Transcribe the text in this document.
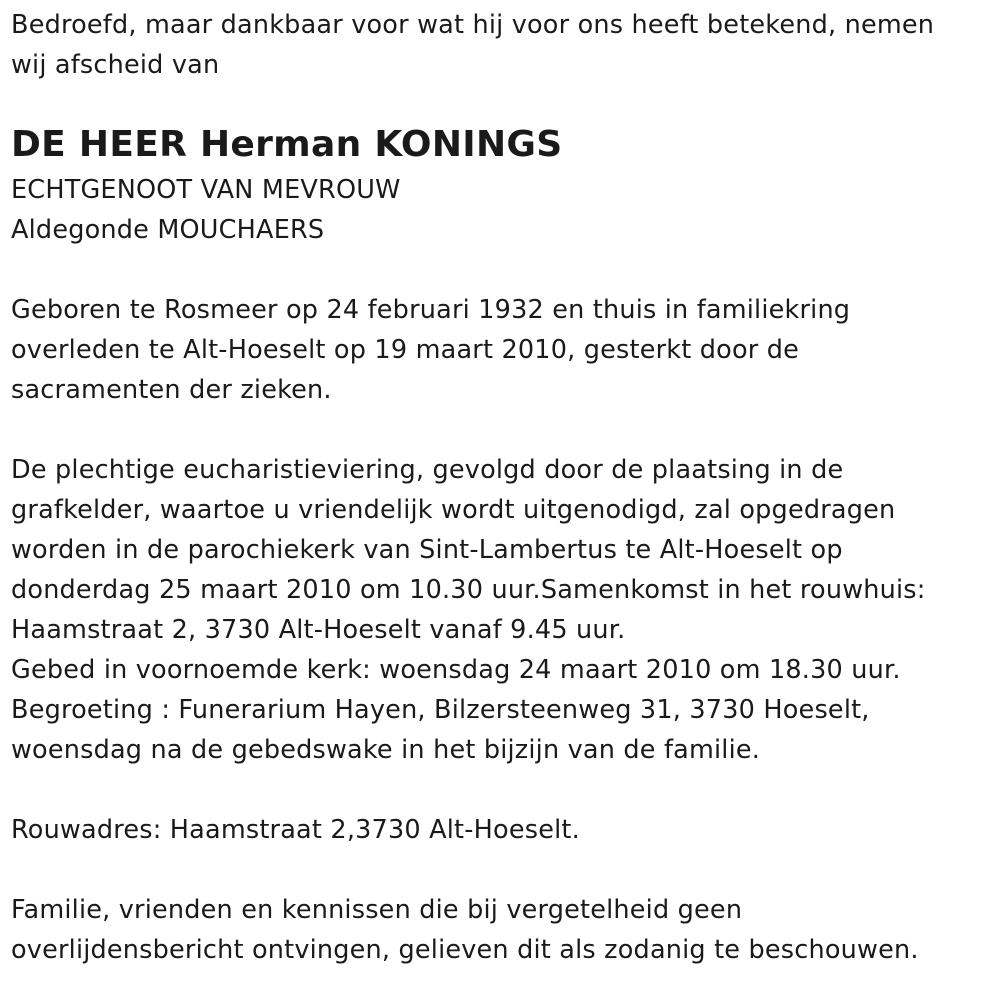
Bedroefd, maar dankbaar voor wat hij voor ons heeft betekend, nemen
wij afscheid van
DE HEER Herman KONINGS
ECHTGENOOT VAN MEVROUW
Aldegonde MOUCHAERS
Geboren te Rosmeer op 24 februari 1932 en thuis in familiekring
overleden te Alt-Hoeselt op 19 maart 2010, gesterkt door de
sacramenten der zieken.
De plechtige eucharistieviering, gevolgd door de plaatsing in de
grafkelder, waartoe u vriendelijk wordt uitgenodigd, zal opgedragen
worden in de parochiekerk van Sint-Lambertus te Alt-Hoeselt op
donderdag 25 maart 2010 om 10.30 uur.Samenkomst in het rouwhuis:
Haamstraat 2, 3730 Alt-Hoeselt vanaf 9.45 uur.
Gebed in voornoemde kerk: woensdag 24 maart 2010 om 18.30 uur.
Begroeting : Funerarium Hayen, Bilzersteenweg 31, 3730 Hoeselt,
woensdag na de gebedswake in het bijzijn van de familie.
Rouwadres: Haamstraat 2,3730 Alt-Hoeselt.
Familie, vrienden en kennissen die bij vergetelheid geen
overlijdensbericht ontvingen, gelieven dit als zodanig te beschouwen.
